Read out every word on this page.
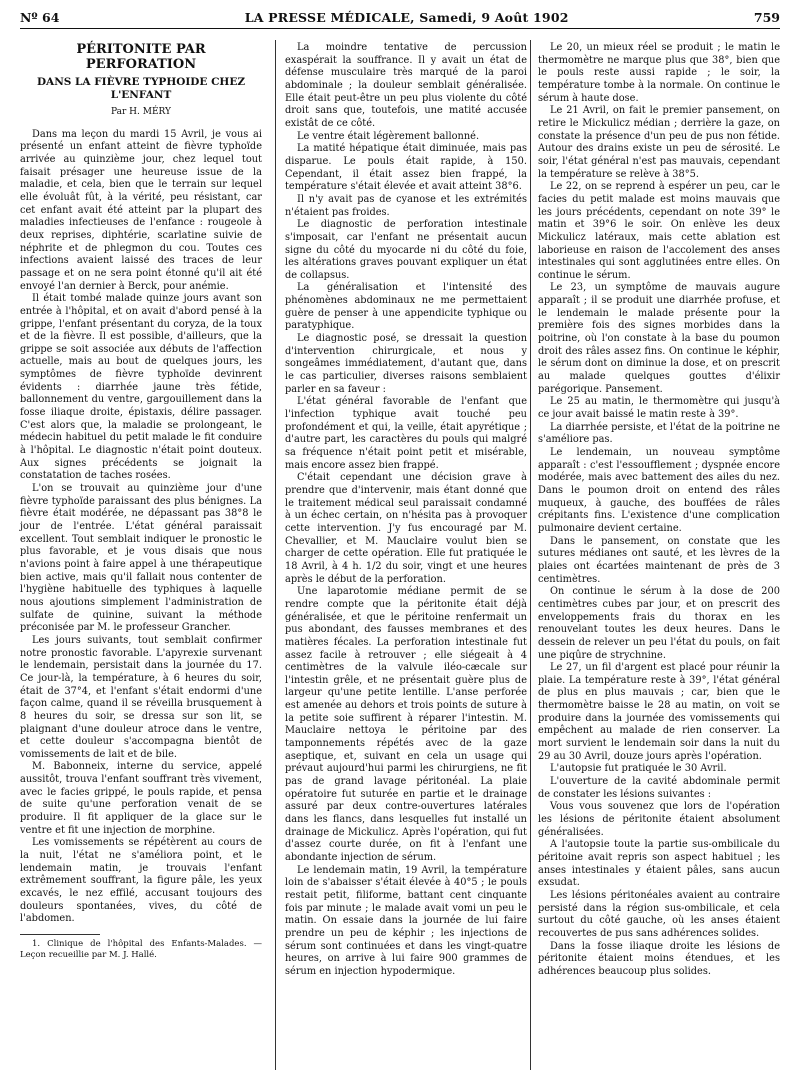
Nº 64	LA PRESSE MÉDICALE, Samedi, 9 Août 1902	759
PÉRITONITE PAR PERFORATION
DANS LA FIÈVRE TYPHOIDE CHEZ L'ENFANT
Par H. MÉRY

Dans ma leçon du mardi 15 Avril, je vous ai présenté un enfant atteint de fièvre typhoïde arrivée au quinzième jour, chez lequel tout faisait présager une heureuse issue de la maladie, et cela, bien que le terrain sur lequel elle évoluât fût, à la vérité, peu résistant, car cet enfant avait été atteint par la plupart des maladies infectieuses de l'enfance : rougeole à deux reprises, diphtérie, scarlatine suivie de néphrite et de phlegmon du cou. Toutes ces infections avaient laissé des traces de leur passage et on ne sera point étonné qu'il ait été envoyé l'an dernier à Berck, pour anémie.

Il était tombé malade quinze jours avant son entrée à l'hôpital, et on avait d'abord pensé à la grippe, l'enfant présentant du coryza, de la toux et de la fièvre. Il est possible, d'ailleurs, que la grippe se soit associée aux débuts de l'affection actuelle, mais au bout de quelques jours, les symptômes de fièvre typhoïde devinrent évidents : diarrhée jaune très fétide, ballonnement du ventre, gargouillement dans la fosse iliaque droite, épistaxis, délire passager. C'est alors que, la maladie se prolongeant, le médecin habituel du petit malade le fit conduire à l'hôpital. Le diagnostic n'était point douteux. Aux signes précédents se joignait la constatation de taches rosées.

L'on se trouvait au quinzième jour d'une fièvre typhoïde paraissant des plus bénignes. La fièvre était modérée, ne dépassant pas 38°8 le jour de l'entrée. L'état général paraissait excellent. Tout semblait indiquer le pronostic le plus favorable, et je vous disais que nous n'avions point à faire appel à une thérapeutique bien active, mais qu'il fallait nous contenter de l'hygiène habituelle des typhiques à laquelle nous ajoutions simplement l'administration de sulfate de quinine, suivant la méthode préconisée par M. le professeur Grancher.

Les jours suivants, tout semblait confirmer notre pronostic favorable. L'apyrexie survenant le lendemain, persistait dans la journée du 17. Ce jour-là, la température, à 6 heures du soir, était de 37°4, et l'enfant s'était endormi d'une façon calme, quand il se réveilla brusquement à 8 heures du soir, se dressa sur son lit, se plaignant d'une douleur atroce dans le ventre, et cette douleur s'accompagna bientôt de vomissements de lait et de bile.

M. Babonneix, interne du service, appelé aussitôt, trouva l'enfant souffrant très vivement, avec le facies grippé, le pouls rapide, et pensa de suite qu'une perforation venait de se produire. Il fit appliquer de la glace sur le ventre et fit une injection de morphine.

Les vomissements se répétèrent au cours de la nuit, l'état ne s'améliora point, et le lendemain matin, je trouvais l'enfant extrêmement souffrant, la figure pâle, les yeux excavés, le nez effilé, accusant toujours des douleurs spontanées, vives, du côté de l'abdomen.

1. Clinique de l'hôpital des Enfants-Malades. — Leçon recueillie par M. J. Hallé.

La moindre tentative de percussion exaspérait la souffrance. Il y avait un état de défense musculaire très marqué de la paroi abdominale ; la douleur semblait généralisée. Elle était peut-être un peu plus violente du côté droit sans que, toutefois, une matité accusée existât de ce côté.

Le ventre était légèrement ballonné.

La matité hépatique était diminuée, mais pas disparue. Le pouls était rapide, à 150. Cependant, il était assez bien frappé, la température s'était élevée et avait atteint 38°6.

Il n'y avait pas de cyanose et les extrémités n'étaient pas froides.

Le diagnostic de perforation intestinale s'imposait, car l'enfant ne présentait aucun signe du côté du myocarde ni du côté du foie, les altérations graves pouvant expliquer un état de collapsus.

La généralisation et l'intensité des phénomènes abdominaux ne me permettaient guère de penser à une appendicite typhique ou paratyphique.

Le diagnostic posé, se dressait la question d'intervention chirurgicale, et nous y songeâmes immédiatement, d'autant que, dans le cas particulier, diverses raisons semblaient parler en sa faveur :

L'état général favorable de l'enfant que l'infection typhique avait touché peu profondément et qui, la veille, était apyrétique ; d'autre part, les caractères du pouls qui malgré sa fréquence n'était point petit et misérable, mais encore assez bien frappé.

C'était cependant une décision grave à prendre que d'intervenir, mais étant donné que le traitement médical seul paraissait condamné à un échec certain, on n'hésita pas à provoquer cette intervention. J'y fus encouragé par M. Chevallier, et M. Mauclaire voulut bien se charger de cette opération. Elle fut pratiquée le 18 Avril, à 4 h. 1/2 du soir, vingt et une heures après le début de la perforation.

Une laparotomie médiane permit de se rendre compte que la péritonite était déjà généralisée, et que le péritoine renfermait un pus abondant, des fausses membranes et des matières fécales. La perforation intestinale fut assez facile à retrouver ; elle siégeait à 4 centimètres de la valvule iléo-cæcale sur l'intestin grêle, et ne présentait guère plus de largeur qu'une petite lentille. L'anse perforée est amenée au dehors et trois points de suture à la petite soie suffirent à réparer l'intestin. M. Mauclaire nettoya le péritoine par des tamponnements répétés avec de la gaze aseptique, et, suivant en cela un usage qui prévaut aujourd'hui parmi les chirurgiens, ne fit pas de grand lavage péritonéal. La plaie opératoire fut suturée en partie et le drainage assuré par deux contre-ouvertures latérales dans les flancs, dans lesquelles fut installé un drainage de Mickulicz. Après l'opération, qui fut d'assez courte durée, on fit à l'enfant une abondante injection de sérum.

Le lendemain matin, 19 Avril, la température loin de s'abaisser s'était élevée à 40°5 ; le pouls restait petit, filiforme, battant cent cinquante fois par minute ; le malade avait vomi un peu le matin. On essaie dans la journée de lui faire prendre un peu de képhir ; les injections de sérum sont continuées et dans les vingt-quatre heures, on arrive à lui faire 900 grammes de sérum en injection hypodermique.

Le 20, un mieux réel se produit ; le matin le thermomètre ne marque plus que 38°, bien que le pouls reste aussi rapide ; le soir, la température tombe à la normale. On continue le sérum à haute dose.

Le 21 Avril, on fait le premier pansement, on retire le Mickulicz médian ; derrière la gaze, on constate la présence d'un peu de pus non fétide. Autour des drains existe un peu de sérosité. Le soir, l'état général n'est pas mauvais, cependant la température se relève à 38°5.

Le 22, on se reprend à espérer un peu, car le facies du petit malade est moins mauvais que les jours précédents, cependant on note 39° le matin et 39°6 le soir. On enlève les deux Mickulicz latéraux, mais cette ablation est laborieuse en raison de l'accolement des anses intestinales qui sont agglutinées entre elles. On continue le sérum.

Le 23, un symptôme de mauvais augure apparaît ; il se produit une diarrhée profuse, et le lendemain le malade présente pour la première fois des signes morbides dans la poitrine, où l'on constate à la base du poumon droit des râles assez fins. On continue le képhir, le sérum dont on diminue la dose, et on prescrit au malade quelques gouttes d'élixir parégorique. Pansement.

Le 25 au matin, le thermomètre qui jusqu'à ce jour avait baissé le matin reste à 39°.

La diarrhée persiste, et l'état de la poitrine ne s'améliore pas.

Le lendemain, un nouveau symptôme apparaît : c'est l'essoufflement ; dyspnée encore modérée, mais avec battement des ailes du nez. Dans le poumon droit on entend des râles muqueux, à gauche, des bouffées de râles crépitants fins. L'existence d'une complication pulmonaire devient certaine.

Dans le pansement, on constate que les sutures médianes ont sauté, et les lèvres de la plaies ont écartées maintenant de près de 3 centimètres.

On continue le sérum à la dose de 200 centimètres cubes par jour, et on prescrit des enveloppements frais du thorax en les renouvelant toutes les deux heures. Dans le dessein de relever un peu l'état du pouls, on fait une piqûre de strychnine.

Le 27, un fil d'argent est placé pour réunir la plaie. La température reste à 39°, l'état général de plus en plus mauvais ; car, bien que le thermomètre baisse le 28 au matin, on voit se produire dans la journée des vomissements qui empêchent au malade de rien conserver. La mort survient le lendemain soir dans la nuit du 29 au 30 Avril, douze jours après l'opération.

L'autopsie fut pratiquée le 30 Avril.

L'ouverture de la cavité abdominale permit de constater les lésions suivantes :

Vous vous souvenez que lors de l'opération les lésions de péritonite étaient absolument généralisées.

A l'autopsie toute la partie sus-ombilicale du péritoine avait repris son aspect habituel ; les anses intestinales y étaient pâles, sans aucun exsudat.

Les lésions péritonéales avaient au contraire persisté dans la région sus-ombilicale, et cela surtout du côté gauche, où les anses étaient recouvertes de pus sans adhérences solides.

Dans la fosse iliaque droite les lésions de péritonite étaient moins étendues, et les adhérences beaucoup plus solides.
